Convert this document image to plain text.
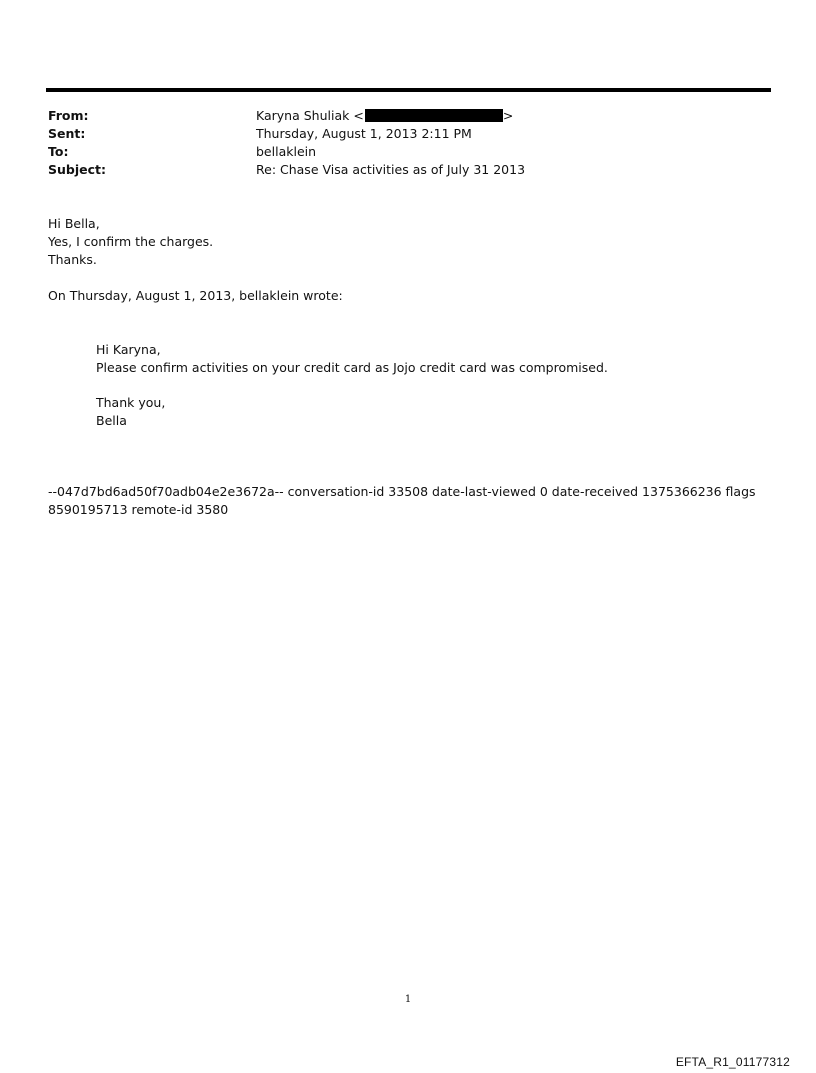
From:	Karyna Shuliak <	>
Sent:	Thursday, August 1, 2013 2:11 PM
To:	bellaklein
Subject:	Re: Chase Visa activities as of July 31 2013
Hi Bella,
Yes, I confirm the charges.
Thanks.
On Thursday, August 1, 2013, bellaklein wrote:
Hi Karyna,
Please confirm activities on your credit card as Jojo credit card was compromised.
Thank you,
Bella
--047d7bd6ad50f70adb04e2e3672a-- conversation-id 33508 date-last-viewed 0 date-received 1375366236 flags 8590195713 remote-id 3580
1
EFTA_R1_01177312
